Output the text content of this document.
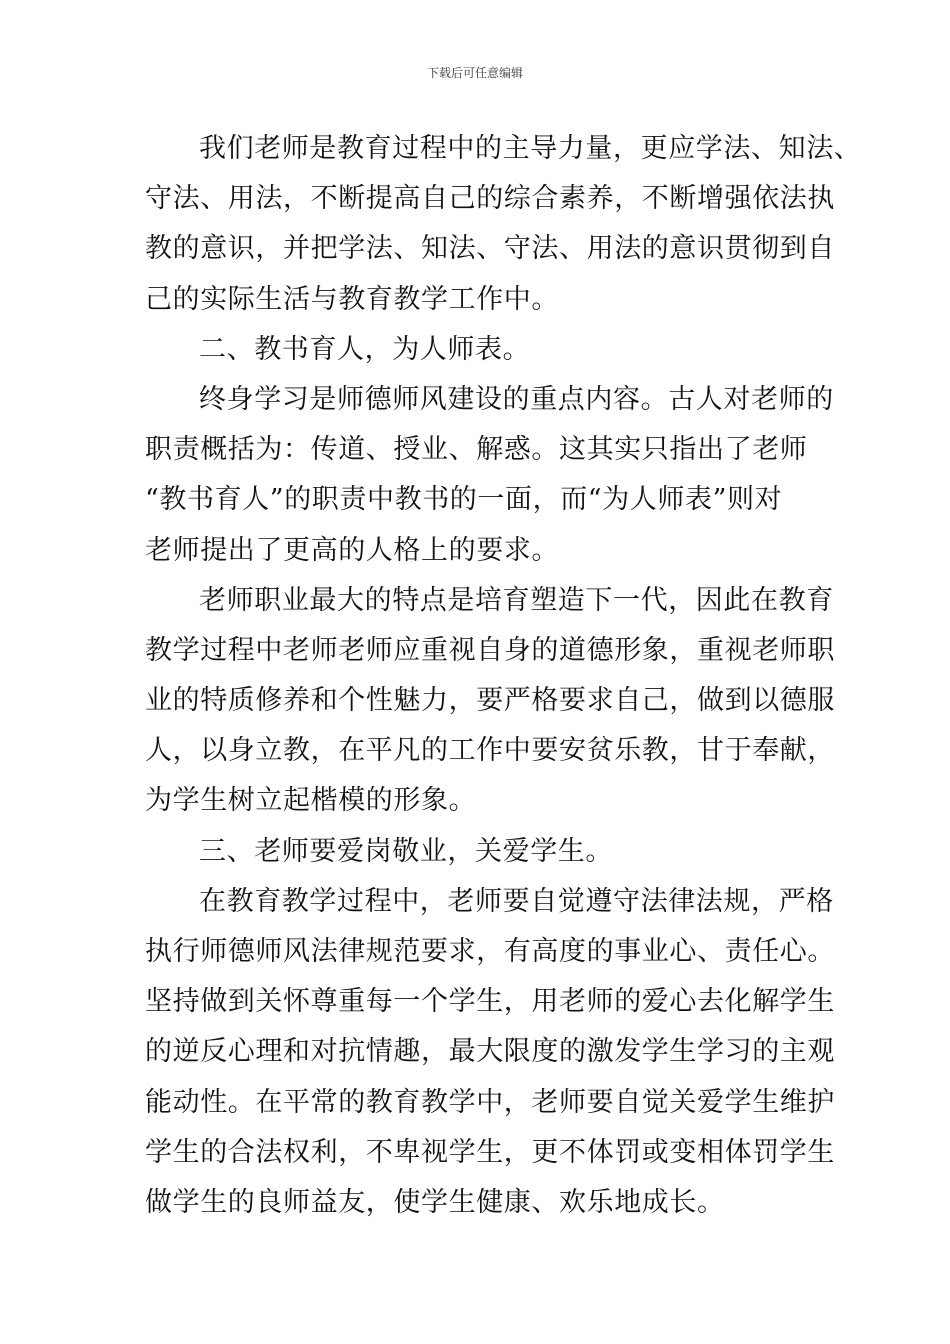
下载后可任意编辑
我们老师是教育过程中的主导力量，更应学法、知法、
守法、用法，不断提高自己的综合素养，不断增强依法执
教的意识，并把学法、知法、守法、用法的意识贯彻到自
己的实际生活与教育教学工作中。
二、教书育人，为人师表。
终身学习是师德师风建设的重点内容。古人对老师的
职责概括为：传道、授业、解惑。这其实只指出了老师
“教书育人”的职责中教书的一面，而“为人师表”则对
老师提出了更高的人格上的要求。
老师职业最大的特点是培育塑造下一代，因此在教育
教学过程中老师老师应重视自身的道德形象，重视老师职
业的特质修养和个性魅力，要严格要求自己，做到以德服
人，以身立教，在平凡的工作中要安贫乐教，甘于奉献，
为学生树立起楷模的形象。
三、老师要爱岗敬业，关爱学生。
在教育教学过程中，老师要自觉遵守法律法规，严格
执行师德师风法律规范要求，有高度的事业心、责任心。
坚持做到关怀尊重每一个学生，用老师的爱心去化解学生
的逆反心理和对抗情趣，最大限度的激发学生学习的主观
能动性。在平常的教育教学中，老师要自觉关爱学生维护
学生的合法权利，不卑视学生，更不体罚或变相体罚学生
做学生的良师益友，使学生健康、欢乐地成长。
